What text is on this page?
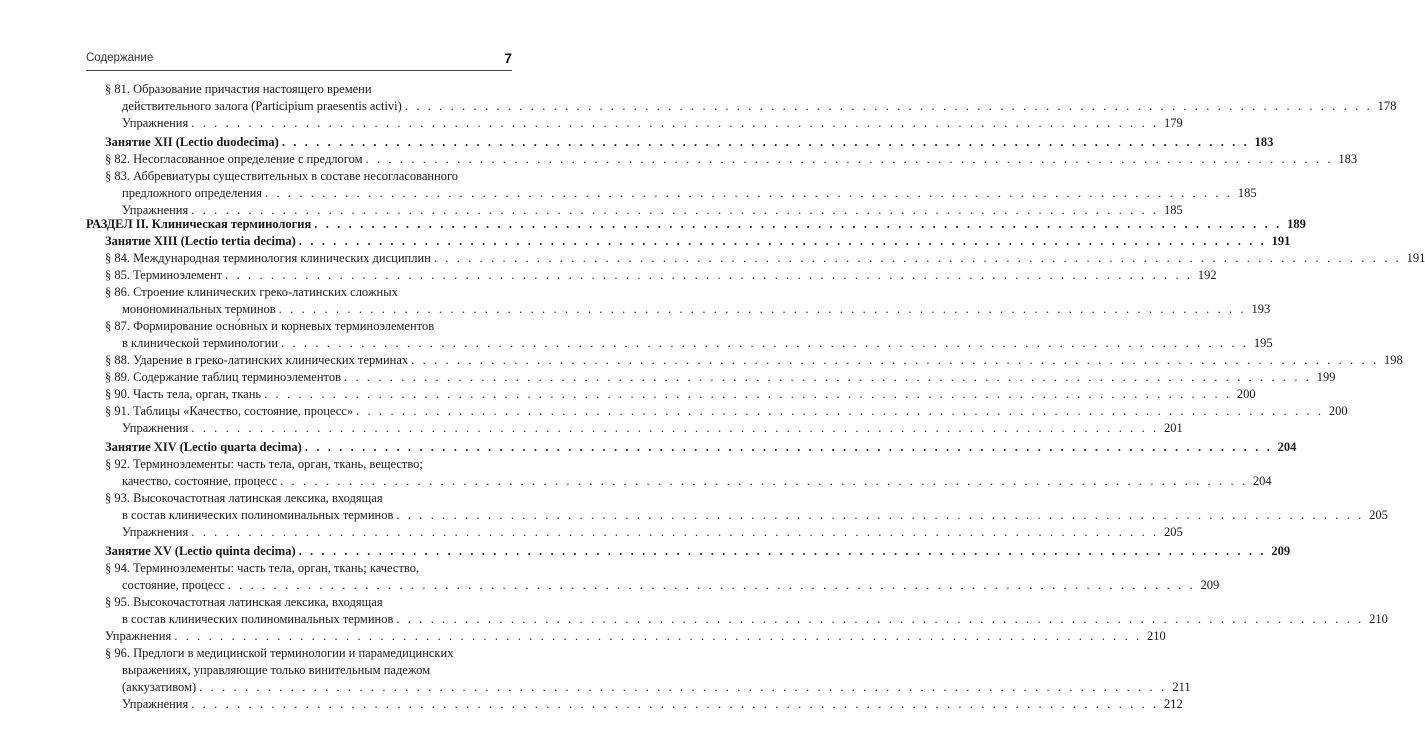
Содержание	7
§ 81. Образование причастия настоящего времени
действительного залога (Participium praesentis activi) . . . . . . . . . . . . . . . . . . . . . . . . . . . . . . . . . . . . . . . . . . . . . . . . . . . . . . . . . . . . . . . . . . . . . . . . . . . . . . . . . . . . . 178
Упражнения . . . . . . . . . . . . . . . . . . . . . . . . . . . . . . . . . . . . . . . . . . . . . . . . . . . . . . . . . . . . . . . . . . . . . . . . . . . . . . . . . . . . . 179
Занятие XII (Lectio duodecima) . . . . . . . . . . . . . . . . . . . . . . . . . . . . . . . . . . . . . . . . . . . . . . . . . . . . . . . . . . . . . . . . . . . . . . . . . . . . . . . . . . . . . 183
§ 82. Несогласованное определение с предлогом . . . . . . . . . . . . . . . . . . . . . . . . . . . . . . . . . . . . . . . . . . . . . . . . . . . . . . . . . . . . . . . . . . . . . . . . . . . . . . . . . . . . . 183
§ 83. Аббревиатуры существительных в составе несогласованного
предложного определения . . . . . . . . . . . . . . . . . . . . . . . . . . . . . . . . . . . . . . . . . . . . . . . . . . . . . . . . . . . . . . . . . . . . . . . . . . . . . . . . . . . . . 185
Упражнения . . . . . . . . . . . . . . . . . . . . . . . . . . . . . . . . . . . . . . . . . . . . . . . . . . . . . . . . . . . . . . . . . . . . . . . . . . . . . . . . . . . . . 185
РАЗДЕЛ II. Клиническая терминология . . . . . . . . . . . . . . . . . . . . . . . . . . . . . . . . . . . . . . . . . . . . . . . . . . . . . . . . . . . . . . . . . . . . . . . . . . . . . . . . . . . . . 189
Занятие XIII (Lectio tertia decima) . . . . . . . . . . . . . . . . . . . . . . . . . . . . . . . . . . . . . . . . . . . . . . . . . . . . . . . . . . . . . . . . . . . . . . . . . . . . . . . . . . . . . 191
§ 84. Международная терминология клинических дисциплин . . . . . . . . . . . . . . . . . . . . . . . . . . . . . . . . . . . . . . . . . . . . . . . . . . . . . . . . . . . . . . . . . . . . . . . . . . . . . . . . . . . . . 191
§ 85. Терминоэлемент . . . . . . . . . . . . . . . . . . . . . . . . . . . . . . . . . . . . . . . . . . . . . . . . . . . . . . . . . . . . . . . . . . . . . . . . . . . . . . . . . . . . . 192
§ 86. Строение клинических греко-латинских сложных
монономинальных терминов . . . . . . . . . . . . . . . . . . . . . . . . . . . . . . . . . . . . . . . . . . . . . . . . . . . . . . . . . . . . . . . . . . . . . . . . . . . . . . . . . . . . . 193
§ 87. Формирование осно́вных и корневых терминоэлементов
в клинической терминологии . . . . . . . . . . . . . . . . . . . . . . . . . . . . . . . . . . . . . . . . . . . . . . . . . . . . . . . . . . . . . . . . . . . . . . . . . . . . . . . . . . . . . 195
§ 88. Ударение в греко-латинских клинических терминах . . . . . . . . . . . . . . . . . . . . . . . . . . . . . . . . . . . . . . . . . . . . . . . . . . . . . . . . . . . . . . . . . . . . . . . . . . . . . . . . . . . . . 198
§ 89. Содержание таблиц терминоэлементов . . . . . . . . . . . . . . . . . . . . . . . . . . . . . . . . . . . . . . . . . . . . . . . . . . . . . . . . . . . . . . . . . . . . . . . . . . . . . . . . . . . . . 199
§ 90. Часть тела, орган, ткань . . . . . . . . . . . . . . . . . . . . . . . . . . . . . . . . . . . . . . . . . . . . . . . . . . . . . . . . . . . . . . . . . . . . . . . . . . . . . . . . . . . . . 200
§ 91. Таблицы «Качество, состояние, процесс» . . . . . . . . . . . . . . . . . . . . . . . . . . . . . . . . . . . . . . . . . . . . . . . . . . . . . . . . . . . . . . . . . . . . . . . . . . . . . . . . . . . . . 200
Упражнения . . . . . . . . . . . . . . . . . . . . . . . . . . . . . . . . . . . . . . . . . . . . . . . . . . . . . . . . . . . . . . . . . . . . . . . . . . . . . . . . . . . . . 201
Занятие XIV (Lectio quarta decima) . . . . . . . . . . . . . . . . . . . . . . . . . . . . . . . . . . . . . . . . . . . . . . . . . . . . . . . . . . . . . . . . . . . . . . . . . . . . . . . . . . . . . 204
§ 92. Терминоэлементы: часть тела, орган, ткань, вещество;
качество, состояние, процесс . . . . . . . . . . . . . . . . . . . . . . . . . . . . . . . . . . . . . . . . . . . . . . . . . . . . . . . . . . . . . . . . . . . . . . . . . . . . . . . . . . . . . 204
§ 93. Высокочастотная латинская лексика, входящая
в состав клинических полиноминальных терминов . . . . . . . . . . . . . . . . . . . . . . . . . . . . . . . . . . . . . . . . . . . . . . . . . . . . . . . . . . . . . . . . . . . . . . . . . . . . . . . . . . . . . 205
Упражнения . . . . . . . . . . . . . . . . . . . . . . . . . . . . . . . . . . . . . . . . . . . . . . . . . . . . . . . . . . . . . . . . . . . . . . . . . . . . . . . . . . . . . 205
Занятие XV (Lectio quinta decima) . . . . . . . . . . . . . . . . . . . . . . . . . . . . . . . . . . . . . . . . . . . . . . . . . . . . . . . . . . . . . . . . . . . . . . . . . . . . . . . . . . . . . 209
§ 94. Терминоэлементы: часть тела, орган, ткань; качество,
состояние, процесс . . . . . . . . . . . . . . . . . . . . . . . . . . . . . . . . . . . . . . . . . . . . . . . . . . . . . . . . . . . . . . . . . . . . . . . . . . . . . . . . . . . . . 209
§ 95. Высокочастотная латинская лексика, входящая
в состав клинических полиноминальных терминов . . . . . . . . . . . . . . . . . . . . . . . . . . . . . . . . . . . . . . . . . . . . . . . . . . . . . . . . . . . . . . . . . . . . . . . . . . . . . . . . . . . . . 210
Упражнения . . . . . . . . . . . . . . . . . . . . . . . . . . . . . . . . . . . . . . . . . . . . . . . . . . . . . . . . . . . . . . . . . . . . . . . . . . . . . . . . . . . . . 210
§ 96. Предлоги в медицинской терминологии и парамедицинских
выражениях, управляющие только винительным падежом
(аккузативом) . . . . . . . . . . . . . . . . . . . . . . . . . . . . . . . . . . . . . . . . . . . . . . . . . . . . . . . . . . . . . . . . . . . . . . . . . . . . . . . . . . . . . 211
Упражнения . . . . . . . . . . . . . . . . . . . . . . . . . . . . . . . . . . . . . . . . . . . . . . . . . . . . . . . . . . . . . . . . . . . . . . . . . . . . . . . . . . . . . 212
